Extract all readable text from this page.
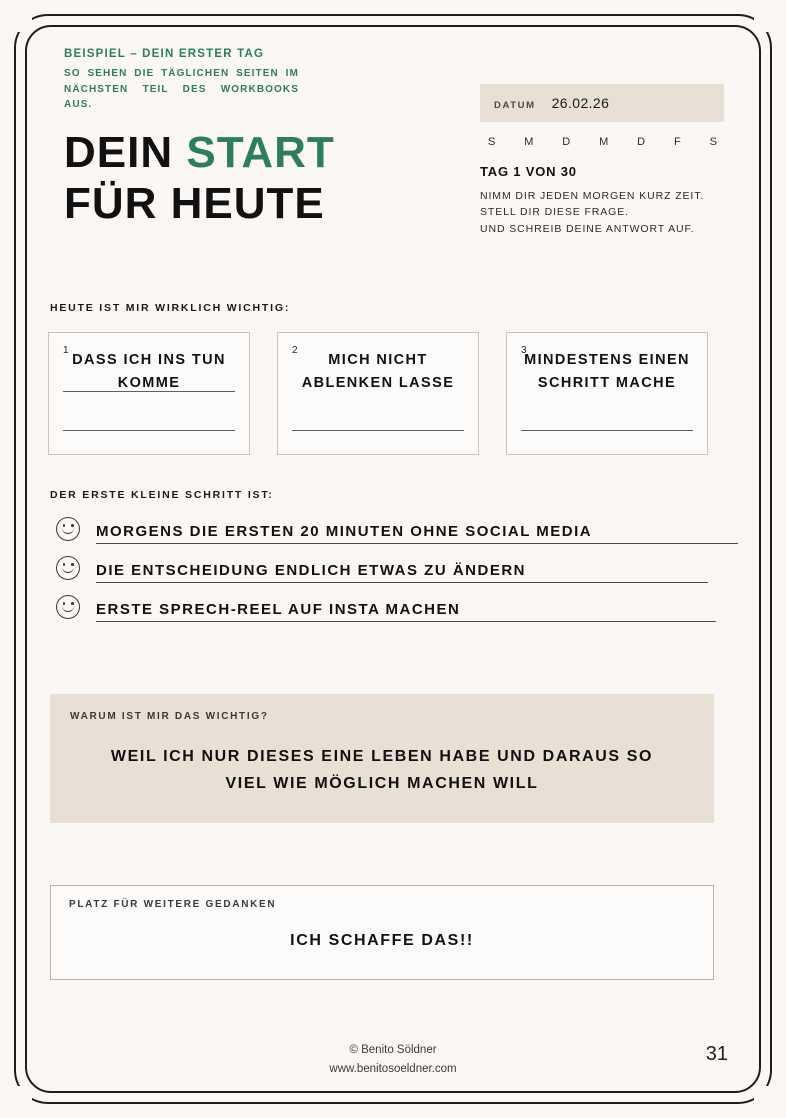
BEISPIEL – DEIN ERSTER TAG
SO SEHEN DIE TÄGLICHEN SEITEN IM NÄCHSTEN TEIL DES WORKBOOKS AUS.
DEIN START
FÜR HEUTE
DATUM 26.02.26
S	M	D	M	D	F	S
TAG 1 VON 30
NIMM DIR JEDEN MORGEN KURZ ZEIT.
STELL DIR DIESE FRAGE.
UND SCHREIB DEINE ANTWORT AUF.
HEUTE IST MIR WIRKLICH WICHTIG:
1
DASS ICH INS TUN KOMME
2
MICH NICHT ABLENKEN LASSE
3
MINDESTENS EINEN SCHRITT MACHE
DER ERSTE KLEINE SCHRITT IST:
MORGENS DIE ERSTEN 20 MINUTEN OHNE SOCIAL MEDIA
DIE ENTSCHEIDUNG ENDLICH ETWAS ZU ÄNDERN
ERSTE SPRECH-REEL AUF INSTA MACHEN
WARUM IST MIR DAS WICHTIG?
WEIL ICH NUR DIESES EINE LEBEN HABE UND DARAUS SO VIEL WIE MÖGLICH MACHEN WILL
PLATZ FÜR WEITERE GEDANKEN
ICH SCHAFFE DAS!!
© Benito Söldner
www.benitosoeldner.com
31
